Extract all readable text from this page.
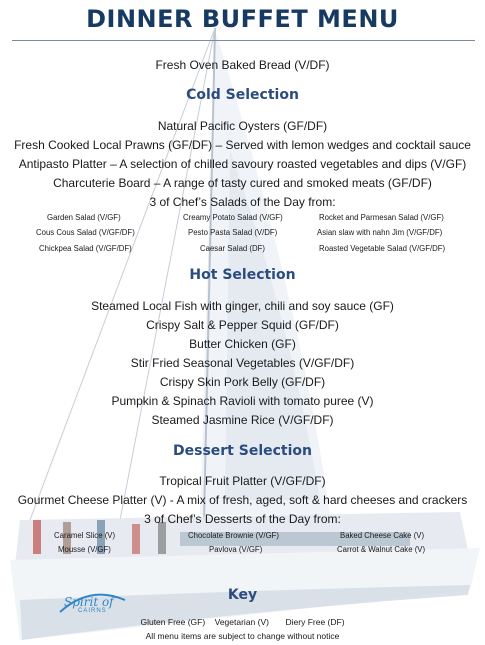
DINNER BUFFET MENU
Fresh Oven Baked Bread (V/DF)
Cold Selection
Natural Pacific Oysters (GF/DF)
Fresh Cooked Local Prawns (GF/DF) – Served with lemon wedges and cocktail sauce
Antipasto Platter – A selection of chilled savoury roasted vegetables and dips (V/GF)
Charcuterie Board – A range of tasty cured and smoked meats (GF/DF)
3 of Chef’s Salads of the Day from:
Garden Salad (V/GF)	Creamy Potato Salad (V/GF)	Rocket and Parmesan Salad (V/GF)
Cous Cous Salad (V/GF/DF)	Pesto Pasta Salad (V/DF)	Asian slaw with nahn Jim (V/GF/DF)
Chickpea Salad (V/GF/DF)	Caesar Salad (DF)	Roasted Vegetable Salad (V/GF/DF)
Hot Selection
Steamed Local Fish with ginger, chili and soy sauce (GF)
Crispy Salt & Pepper Squid (GF/DF)
Butter Chicken (GF)
Stir Fried Seasonal Vegetables (V/GF/DF)
Crispy Skin Pork Belly (GF/DF)
Pumpkin & Spinach Ravioli with tomato puree (V)
Steamed Jasmine Rice (V/GF/DF)
Dessert Selection
Tropical Fruit Platter (V/GF/DF)
Gourmet Cheese Platter (V) - A mix of fresh, aged, soft & hard cheeses and crackers
3 of Chef’s Desserts of the Day from:
Caramel Slice (V)	Chocolate Brownie (V/GF)	Baked Cheese Cake (V)
Mousse (V/GF)	Pavlova (V/GF)	Carrot & Walnut Cake (V)
Key
Gluten Free (GF)    Vegetarian (V)       Diery Free (DF)
All menu items are subject to change without notice
Spirit of
CAIRNS
